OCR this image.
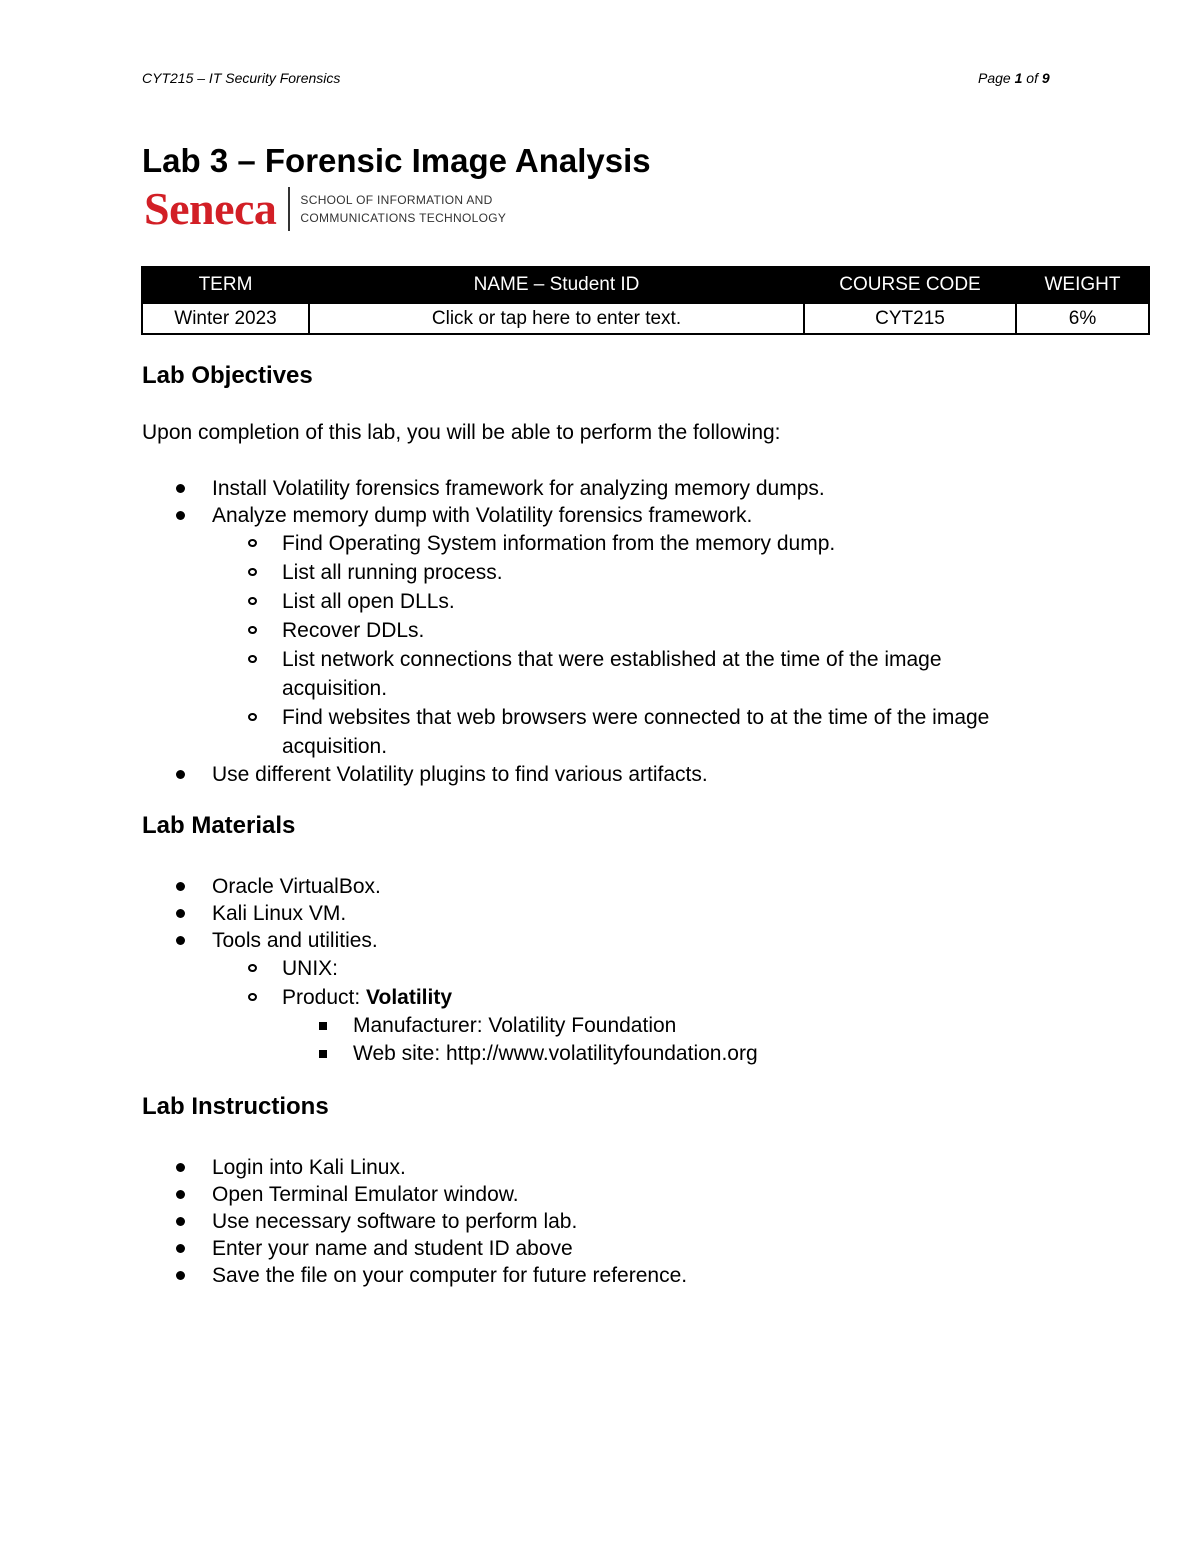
CYT215 – IT Security Forensics	Page 1 of 9
Lab 3 – Forensic Image Analysis
Seneca SCHOOL OF INFORMATION AND
COMMUNICATIONS TECHNOLOGY
TERM	NAME – Student ID	COURSE CODE	WEIGHT
Winter 2023	Click or tap here to enter text.	CYT215	6%
Lab Objectives

Upon completion of this lab, you will be able to perform the following:

Install Volatility forensics framework for analyzing memory dumps.
Analyze memory dump with Volatility forensics framework.
Find Operating System information from the memory dump.
List all running process.
List all open DLLs.
Recover DDLs.
List network connections that were established at the time of the image acquisition.
Find websites that web browsers were connected to at the time of the image acquisition.
Use different Volatility plugins to find various artifacts.
Lab Materials
Oracle VirtualBox.
Kali Linux VM.
Tools and utilities.
UNIX:
Product: Volatility
Manufacturer: Volatility Foundation
Web site: http://www.volatilityfoundation.org
Lab Instructions
Login into Kali Linux.
Open Terminal Emulator window.
Use necessary software to perform lab.
Enter your name and student ID above
Save the file on your computer for future reference.
